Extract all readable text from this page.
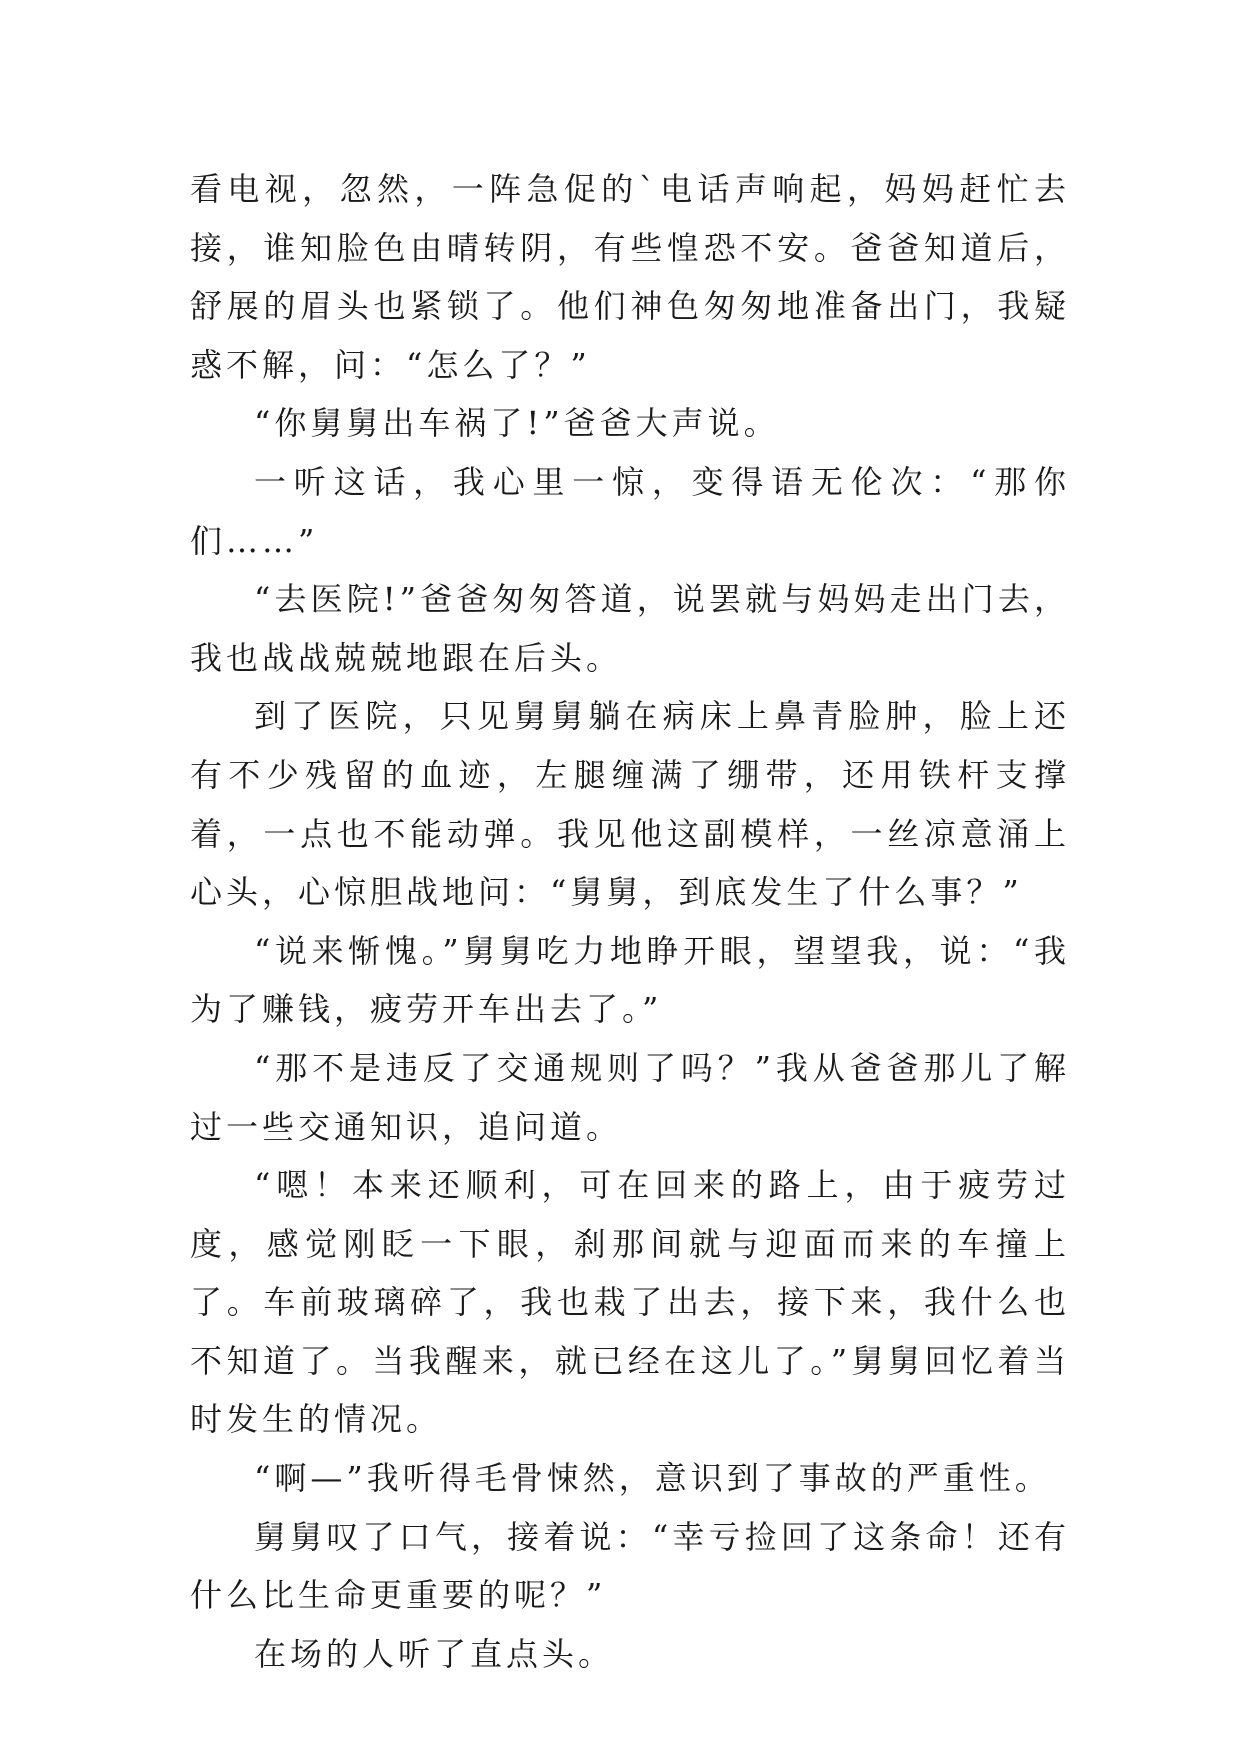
看电视，忽然，一阵急促的`电话声响起，妈妈赶忙去接，谁知脸色由晴转阴，有些惶恐不安。爸爸知道后，舒展的眉头也紧锁了。他们神色匆匆地准备出门，我疑惑不解，问：“怎么了？”

“你舅舅出车祸了!”爸爸大声说。

一听这话，我心里一惊，变得语无伦次：“那你们……”

“去医院!”爸爸匆匆答道，说罢就与妈妈走出门去，我也战战兢兢地跟在后头。

到了医院，只见舅舅躺在病床上鼻青脸肿，脸上还有不少残留的血迹，左腿缠满了绷带，还用铁杆支撑着，一点也不能动弹。我见他这副模样，一丝凉意涌上心头，心惊胆战地问：“舅舅，到底发生了什么事？”

“说来惭愧。”舅舅吃力地睁开眼，望望我，说：“我为了赚钱，疲劳开车出去了。”

“那不是违反了交通规则了吗？”我从爸爸那儿了解过一些交通知识，追问道。

“嗯！本来还顺利，可在回来的路上，由于疲劳过度，感觉刚眨一下眼，刹那间就与迎面而来的车撞上了。车前玻璃碎了，我也栽了出去，接下来，我什么也不知道了。当我醒来，就已经在这儿了。”舅舅回忆着当时发生的情况。

“啊—”我听得毛骨悚然，意识到了事故的严重性。

舅舅叹了口气，接着说：“幸亏捡回了这条命！还有什么比生命更重要的呢？”

在场的人听了直点头。
